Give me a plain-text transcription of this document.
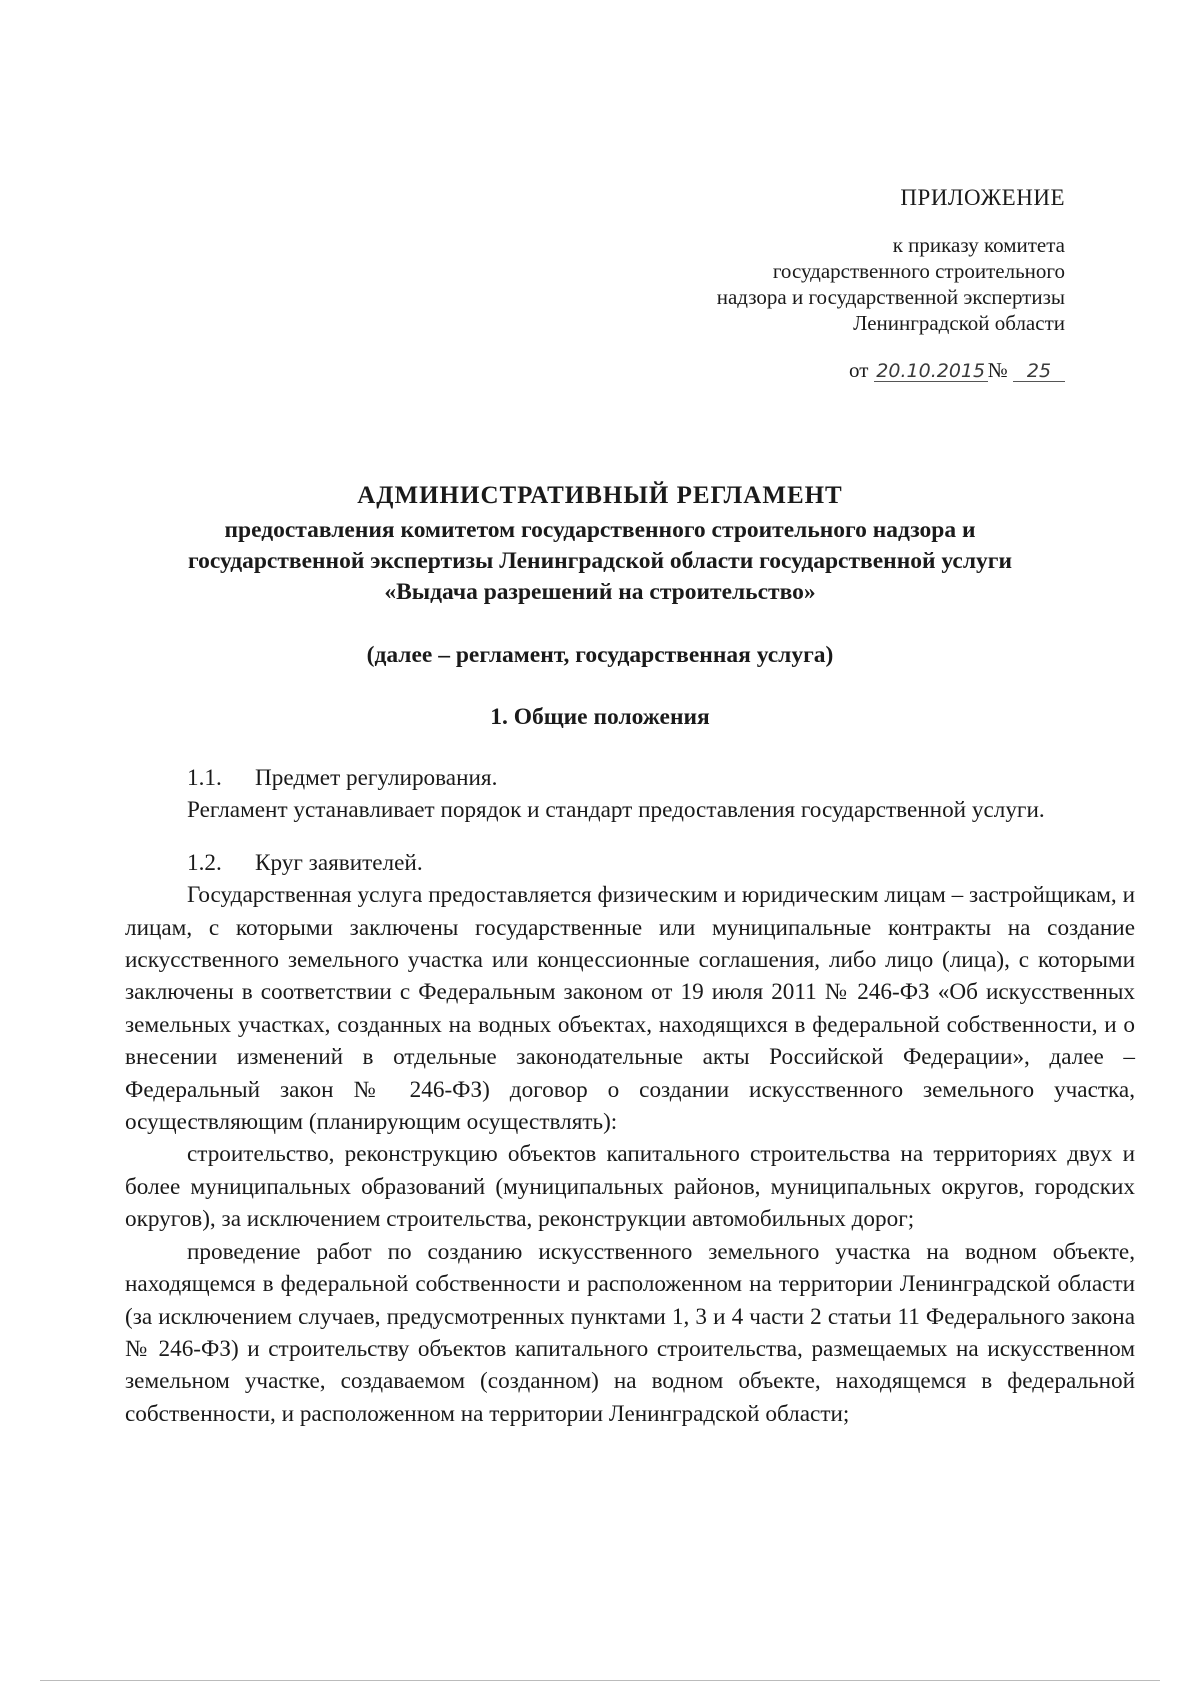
ПРИЛОЖЕНИЕ
к приказу комитета
государственного строительного
надзора и государственной экспертизы
Ленинградской области
от 20.10.2015 № 25
АДМИНИСТРАТИВНЫЙ РЕГЛАМЕНТ
предоставления комитетом государственного строительного надзора и
государственной экспертизы Ленинградской области государственной услуги
«Выдача разрешений на строительство»
(далее – регламент, государственная услуга)
1. Общие положения

1.1. Предмет регулирования.

Регламент устанавливает порядок и стандарт предоставления государственной услуги.

1.2. Круг заявителей.

Государственная услуга предоставляется физическим и юридическим лицам – застройщикам, и лицам, с которыми заключены государственные или муниципальные контракты на создание искусственного земельного участка или концессионные соглашения, либо лицо (лица), с которыми заключены в соответствии с Федеральным законом от 19 июля 2011 № 246-ФЗ «Об искусственных земельных участках, созданных на водных объектах, находящихся в федеральной собственности, и о внесении изменений в отдельные законодательные акты Российской Федерации», далее – Федеральный закон № 246-ФЗ) договор о создании искусственного земельного участка, осуществляющим (планирующим осуществлять):

строительство, реконструкцию объектов капитального строительства на территориях двух и более муниципальных образований (муниципальных районов, муниципальных округов, городских округов), за исключением строительства, реконструкции автомобильных дорог;

проведение работ по созданию искусственного земельного участка на водном объекте, находящемся в федеральной собственности и расположенном на территории Ленинградской области (за исключением случаев, предусмотренных пунктами 1, 3 и 4 части 2 статьи 11 Федерального закона № 246-ФЗ) и строительству объектов капитального строительства, размещаемых на искусственном земельном участке, создаваемом (созданном) на водном объекте, находящемся в федеральной собственности, и расположенном на территории Ленинградской области;
